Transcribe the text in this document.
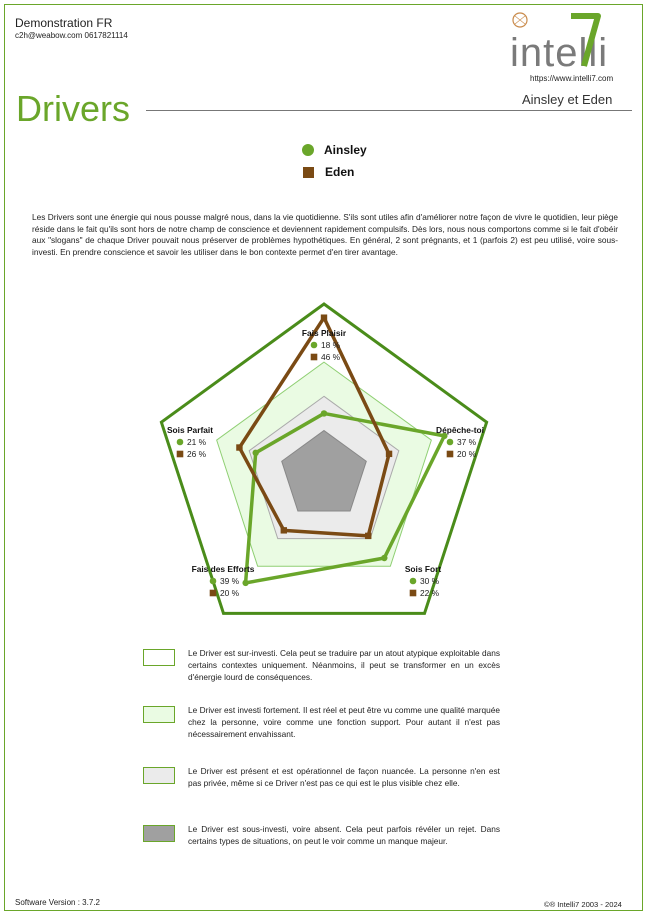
Demonstration FR
c2h@weabow.com 0617821114	intelli
https://www.intelli7.com
Drivers	Ainsley et Eden
Ainsley
Eden
Les Drivers sont une énergie qui nous pousse malgré nous, dans la vie quotidienne. S'ils sont utiles afin d'améliorer notre façon de vivre le quotidien, leur piège réside dans le fait qu'ils sont hors de notre champ de conscience et deviennent rapidement compulsifs. Dès lors, nous nous comportons comme si le fait d'obéir aux "slogans" de chaque Driver pouvait nous préserver de problèmes hypothétiques. En général, 2 sont prégnants, et 1 (parfois 2) est peu utilisé, voire sous-investi. En prendre conscience et savoir les utiliser dans le bon contexte permet d'en tirer avantage.
Fais Plaisir
18 %
46 %
Dépêche-toi
37 %
20 %
Sois Fort
30 %
22 %
Fais des Efforts
39 %
20 %
Sois Parfait
21 %
26 %
Le Driver est sur-investi. Cela peut se traduire par un atout atypique exploitable dans certains contextes uniquement. Néanmoins, il peut se transformer en un excès d'énergie lourd de conséquences.
Le Driver est investi fortement. Il est réel et peut être vu comme une qualité marquée chez la personne, voire comme une fonction support. Pour autant il n'est pas nécessairement envahissant.
Le Driver est présent et est opérationnel de façon nuancée. La personne n'en est pas privée, même si ce Driver n'est pas ce qui est le plus visible chez elle.
Le Driver est sous-investi, voire absent. Cela peut parfois révéler un rejet. Dans certains types de situations, on peut le voir comme un manque majeur.
Software Version : 3.7.2	©® Intelli7 2003 - 2024
